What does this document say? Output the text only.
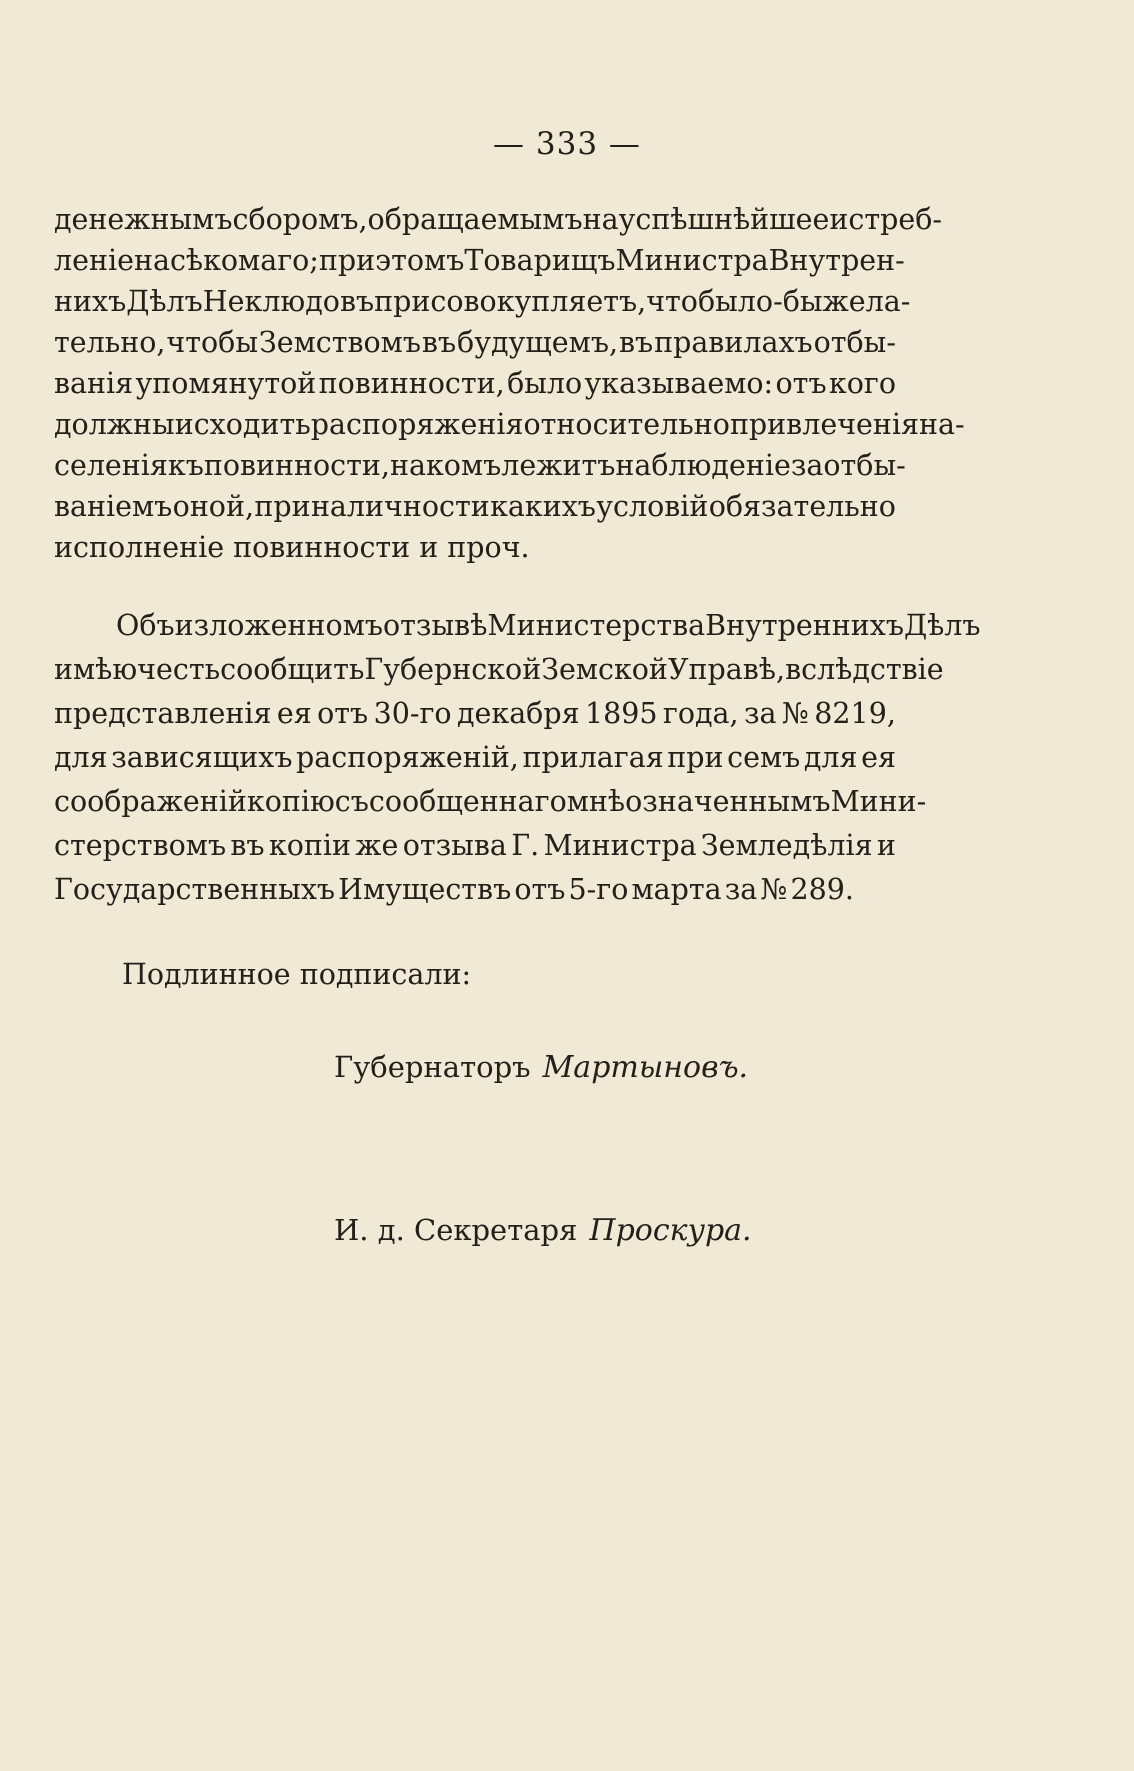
— 333 —
денежнымъ сборомъ, обращаемымъ на успѣшнѣйшее истреб-
леніе насѣкомаго; при этомъ Товарищъ Министра Внутрен-
нихъ Дѣлъ Неклюдовъ присовокупляетъ, что было-бы жела-
тельно, чтобы Земствомъ въ будущемъ, въ правилахъ отбы-
ванія упомянутой повинности, было указываемо: отъ кого
должны исходить распоряженія относительно привлеченія на-
селенія къ повинности, на комъ лежитъ наблюденіе за отбы-
ваніемъ оной, при наличности какихъ условій обязательно
исполненіе повинности и проч.
Объ изложенномъ отзывѣ Министерства Внутреннихъ Дѣлъ
имѣю честь сообщить Губернской Земской Управѣ, вслѣдствіе
представленія ея отъ 30-го декабря 1895 года, за № 8219,
для зависящихъ распоряженій, прилагая при семъ для ея
соображеній копію съ сообщеннаго мнѣ означеннымъ Мини-
стерствомъ въ копіи же отзыва Г. Министра Земледѣлія и
Государственныхъ Имуществъ отъ 5-го марта за № 289.
Подлинное подписали:
Губернаторъ Мартыновъ.
И. д. Секретаря Проскура.
